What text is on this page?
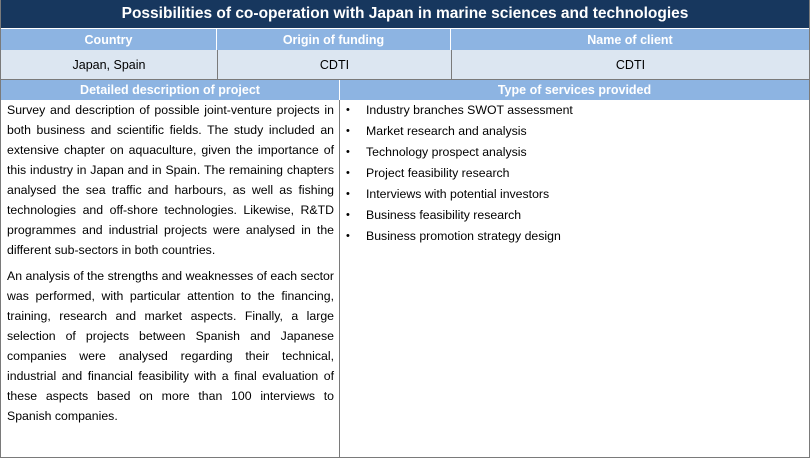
Possibilities of co-operation with Japan in marine sciences and technologies
Country	Origin of funding	Name of client
Japan, Spain	CDTI	CDTI
Detailed description of project	Type of services provided

Survey and description of possible joint-venture projects in both business and scientific fields. The study included an extensive chapter on aquaculture, given the importance of this industry in Japan and in Spain. The remaining chapters analysed the sea traffic and harbours, as well as fishing technologies and off-shore technologies. Likewise, R&TD programmes and industrial projects were analysed in the different sub-sectors in both countries.

An analysis of the strengths and weaknesses of each sector was performed, with particular attention to the financing, training, research and market aspects. Finally, a large selection of projects between Spanish and Japanese companies were analysed regarding their technical, industrial and financial feasibility with a final evaluation of these aspects based on more than 100 interviews to Spanish companies.

• Industry branches SWOT assessment
• Market research and analysis
• Technology prospect analysis
• Project feasibility research
• Interviews with potential investors
• Business feasibility research
• Business promotion strategy design
